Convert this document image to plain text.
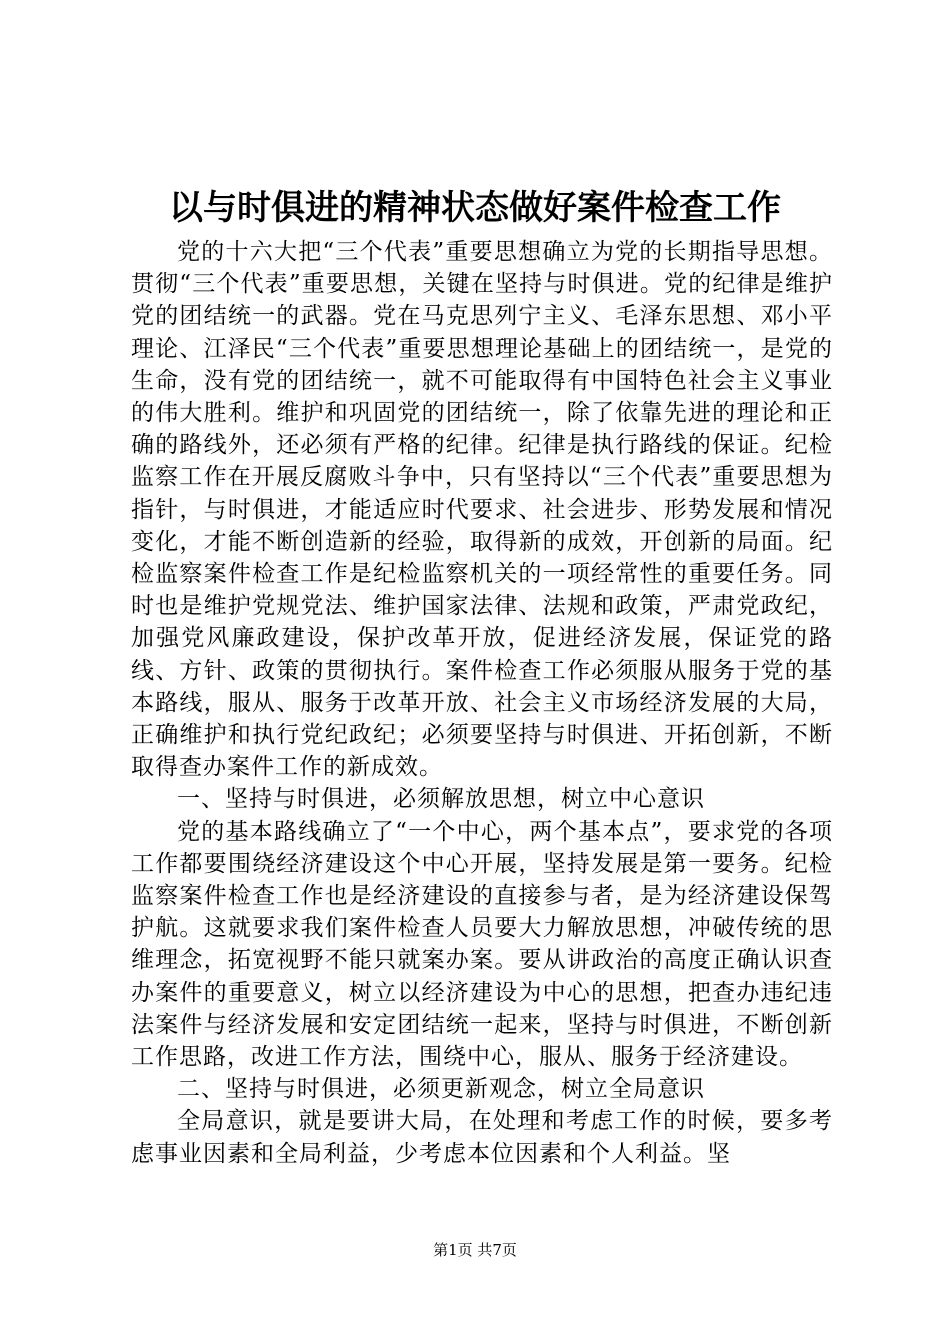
以与时俱进的精神状态做好案件检查工作

党的十六大把“三个代表”重要思想确立为党的长期指导思想。贯彻“三个代表”重要思想，关键在坚持与时俱进。党的纪律是维护党的团结统一的武器。党在马克思列宁主义、毛泽东思想、邓小平理论、江泽民“三个代表”重要思想理论基础上的团结统一，是党的生命，没有党的团结统一，就不可能取得有中国特色社会主义事业的伟大胜利。维护和巩固党的团结统一，除了依靠先进的理论和正确的路线外，还必须有严格的纪律。纪律是执行路线的保证。纪检监察工作在开展反腐败斗争中，只有坚持以“三个代表”重要思想为指针，与时俱进，才能适应时代要求、社会进步、形势发展和情况变化，才能不断创造新的经验，取得新的成效，开创新的局面。纪检监察案件检查工作是纪检监察机关的一项经常性的重要任务。同时也是维护党规党法、维护国家法律、法规和政策，严肃党政纪，加强党风廉政建设，保护改革开放，促进经济发展，保证党的路线、方针、政策的贯彻执行。案件检查工作必须服从服务于党的基本路线，服从、服务于改革开放、社会主义市场经济发展的大局，正确维护和执行党纪政纪；必须要坚持与时俱进、开拓创新，不断取得查办案件工作的新成效。

一、坚持与时俱进，必须解放思想，树立中心意识

党的基本路线确立了“一个中心，两个基本点”，要求党的各项工作都要围绕经济建设这个中心开展，坚持发展是第一要务。纪检监察案件检查工作也是经济建设的直接参与者，是为经济建设保驾护航。这就要求我们案件检查人员要大力解放思想，冲破传统的思维理念，拓宽视野不能只就案办案。要从讲政治的高度正确认识查办案件的重要意义，树立以经济建设为中心的思想，把查办违纪违法案件与经济发展和安定团结统一起来，坚持与时俱进，不断创新工作思路，改进工作方法，围绕中心，服从、服务于经济建设。

二、坚持与时俱进，必须更新观念，树立全局意识

全局意识，就是要讲大局，在处理和考虑工作的时候，要多考虑事业因素和全局利益，少考虑本位因素和个人利益。坚

第1页 共7页
